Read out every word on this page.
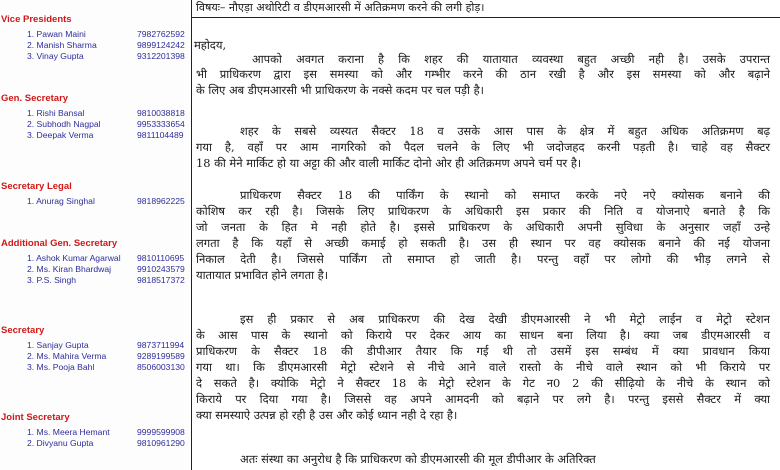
Vice Presidents
1. Pawan Maini	7982762592
2. Manish Sharma	9899124242
3. Vinay Gupta	9312201398
Gen. Secretary
1. Rishi Bansal	9810038818
2. Subhodh Nagpal	9953333654
3. Deepak Verma	9811104489
Secretary Legal
1. Anurag Singhal	9818962225
Additional Gen. Secretary
1. Ashok Kumar Agarwal 9810110695
2. Ms. Kiran Bhardwaj	9910243579
3. P.S. Singh	9818517372
Secretary
1. Sanjay Gupta	9873711994
2. Ms. Mahira Verma	9289199589
3. Ms. Pooja Bahl	8506003130
Joint Secretary
1. Ms. Meera Hemant	9999599908
2. Divyanu Gupta	9810961290
विषयः– नौएड़ा अथोरिटी व डीएमआरसी में अतिक्रमण करने की लगी होड़।
महोदय,
आपको अवगत कराना है कि शहर की यातायात व्यवस्था बहुत अच्छी नही है। उसके उपरान्त
भी प्राधिकरण द्वारा इस समस्या को और गम्भीर करने की ठान रखी है और इस समस्या को और बढ़ाने
के लिए अब डीएमआरसी भी प्राधिकरण के नक्से कदम पर चल पड़ी है।
शहर के सबसे व्यस्यत सैक्टर 18 व उसके आस पास के क्षेत्र में बहुत अधिक अतिक्रमण बढ़
गया है, वहाँ पर आम नागरिको को पैदल चलने के लिए भी जदोजहद करनी पड़ती है। चाहे वह सैक्टर
18 की मेने मार्किट हो या अट्टा की और वाली मार्किट दोनो ओर ही अतिक्रमण अपने चर्म पर है।
प्राधिकरण सैक्टर 18 की पार्किंग के स्थानो को समाप्त करके नऐ नऐ क्योसक बनाने की
कोशिष कर रही है। जिसके लिए प्राधिकरण के अधिकारी इस प्रकार की निति व योजनाऐ बनाते है कि
जो जनता के हित मे नही होते है। इससे प्राधिकरण के अधिकारी अपनी सुविधा के अनुसार जहाँ उन्हे
लगता है कि यहाँ से अच्छी कमाई हो सकती है। उस ही स्थान पर वह क्योसक बनाने की नई योजना
निकाल देती है। जिससे पार्किंग तो समाप्त हो जाती है। परन्तु वहाँ पर लोगो की भीड़ लगने से
यातायात प्रभावित होने लगता है।
इस ही प्रकार से अब प्राधिकरण की देख देखी डीएमआरसी ने भी मेट्रो लाईन व मेट्रो स्टेशन
के आस पास के स्थानो को किराये पर देकर आय का साधन बना लिया है। क्या जब डीएमआरसी व
प्राधिकरण के सैक्टर 18 की डीपीआर तैयार कि गई थी तो उसमें इस सम्बंध में क्या प्रावधान किया
गया था। कि डीएमआरसी मेट्रो स्टेशने से नीचे आने वाले रास्तो के नीचे वाले स्थान को भी किराये पर
दे सकते है। क्योकि मेट्रो ने सैक्टर 18 के मेट्रो स्टेशन के गेट न0 2 की सीढ़ियो के नीचे के स्थान को
किराये पर दिया गया है। जिससे वह अपने आमदनी को बढ़ाने पर लगे है। परन्तु इससे सैक्टर में क्या
क्या समस्याऐ उत्पन्न हो रही है उस और कोई ध्यान नही दे रहा है।
अतः संस्था का अनुरोध है कि प्राधिकरण को डीएमआरसी की मूल डीपीआर के अतिरिक्त
